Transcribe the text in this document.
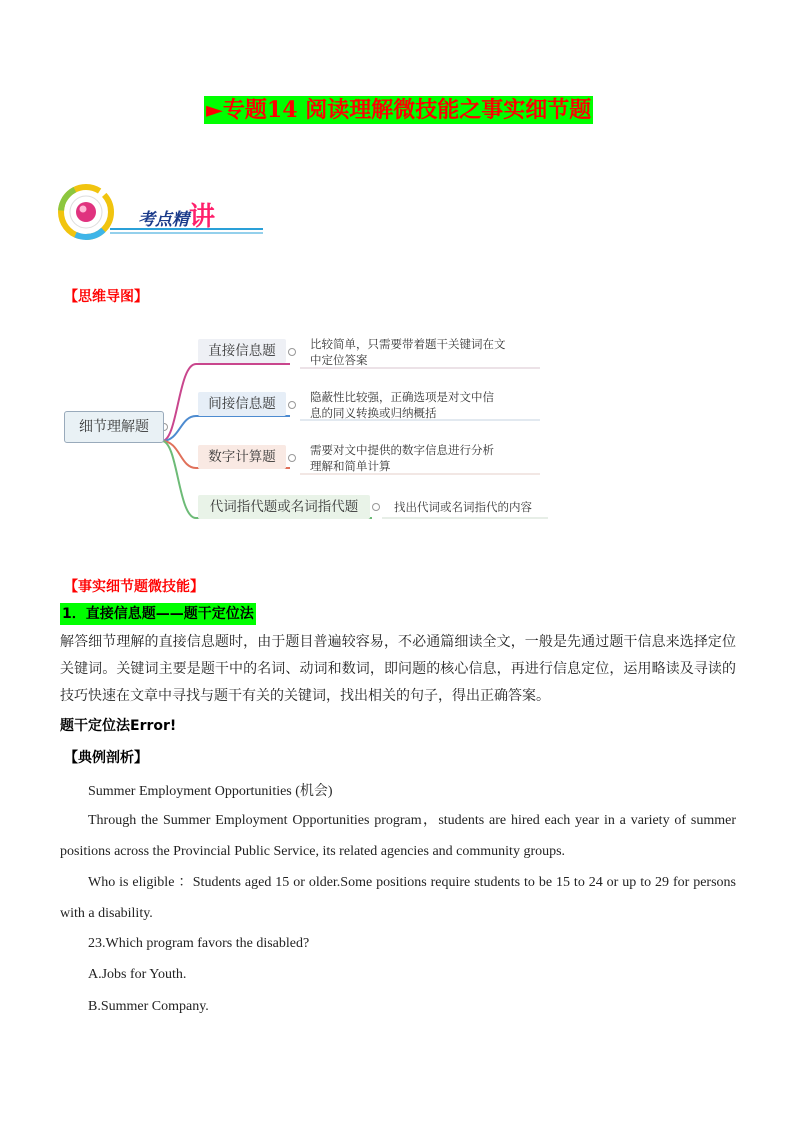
►专题14 阅读理解微技能之事实细节题
考点精讲
【思维导图】
细节理解题
直接信息题	比较简单，只需要带着题干关键词在文
中定位答案
间接信息题	隐蔽性比较强，正确选项是对文中信
息的同义转换或归纳概括
数字计算题	需要对文中提供的数字信息进行分析
理解和简单计算
代词指代题或名词指代题	找出代词或名词指代的内容
【事实细节题微技能】
1．直接信息题——题干定位法
解答细节理解的直接信息题时，由于题目普遍较容易，不必通篇细读全文，一般是先通过题干信息来选择定位关键词。关键词主要是题干中的名词、动词和数词，即问题的核心信息，再进行信息定位，运用略读及寻读的技巧快速在文章中寻找与题干有关的关键词，找出相关的句子，得出正确答案。
题干定位法Error!
【典例剖析】
Summer Employment Opportunities (机会)
Through the Summer Employment Opportunities program，students are hired each year in a variety of summer positions across the Provincial Public Service, its related agencies and community groups.
Who is eligible ：Students aged 15 or older.Some positions require students to be 15 to 24 or up to 29 for persons with a disability.
23.Which program favors the disabled?
A.Jobs for Youth.
B.Summer Company.
